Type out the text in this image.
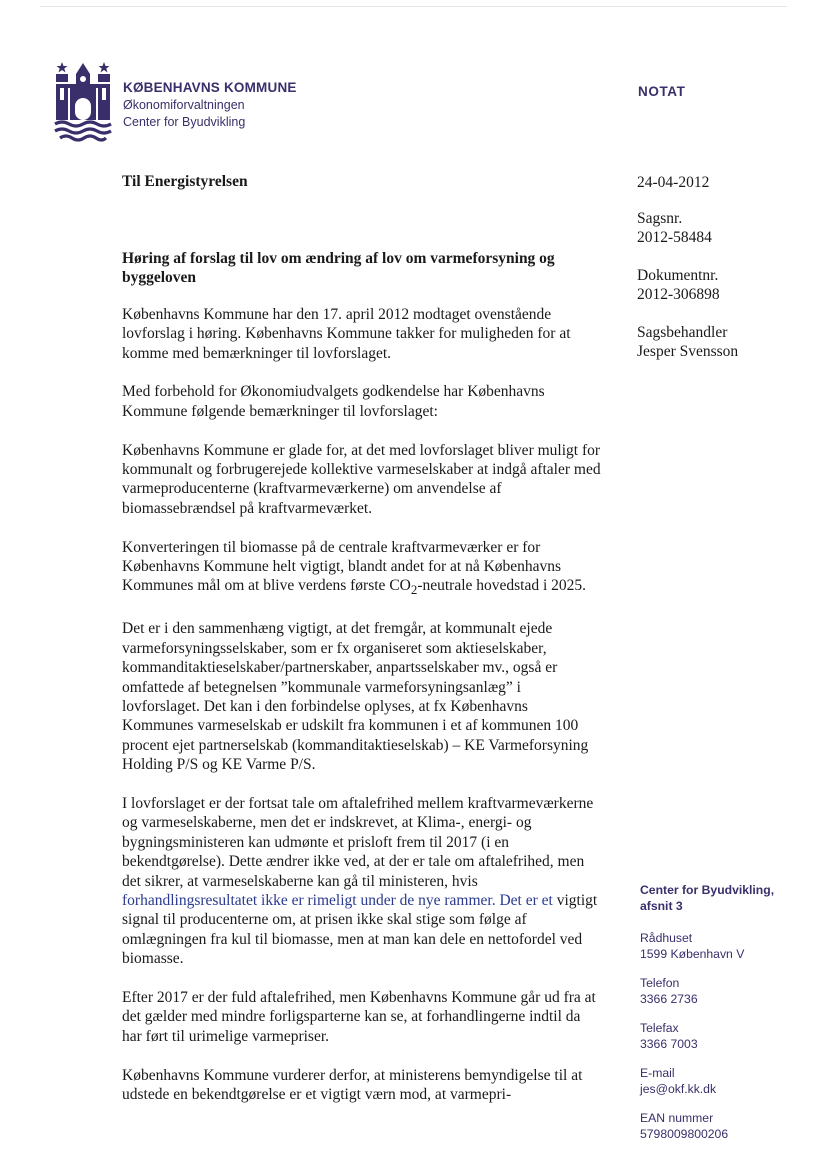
KØBENHAVNS KOMMUNE
Økonomiforvaltningen
Center for Byudvikling
NOTAT
Til Energistyrelsen	24-04-2012

Sagsnr.

2012-58484

Dokumentnr.

2012-306898

Sagsbehandler

Jesper Svensson

Høring af forslag til lov om ændring af lov om varmeforsyning og byggeloven

Københavns Kommune har den 17. april 2012 modtaget ovenstående lovforslag i høring. Københavns Kommune takker for muligheden for at komme med bemærkninger til lovforslaget.

Med forbehold for Økonomiudvalgets godkendelse har Københavns Kommune følgende bemærkninger til lovforslaget:

Københavns Kommune er glade for, at det med lovforslaget bliver muligt for kommunalt og forbrugerejede kollektive varmeselskaber at indgå aftaler med varmeproducenterne (kraftvarmeværkerne) om anvendelse af biomassebrændsel på kraftvarmeværket.

Konverteringen til biomasse på de centrale kraftvarmeværker er for Københavns Kommune helt vigtigt, blandt andet for at nå Københavns Kommunes mål om at blive verdens første $CO_2$-neutrale hovedstad i 2025.

Det er i den sammenhæng vigtigt, at det fremgår, at kommunalt ejede varmeforsyningsselskaber, som er fx organiseret som aktieselskaber, kommanditaktieselskaber/partnerskaber, anpartsselskaber mv., også er omfattede af betegnelsen ”kommunale varmeforsyningsanlæg” i lovforslaget. Det kan i den forbindelse oplyses, at fx Københavns Kommunes varmeselskab er udskilt fra kommunen i et af kommunen 100 procent ejet partnerselskab (kommanditaktieselskab) – KE Varmeforsyning Holding P/S og KE Varme P/S.

I lovforslaget er der fortsat tale om aftalefrihed mellem kraftvarmeværkerne og varmeselskaberne, men det er indskrevet, at Klima-, energi- og bygningsministeren kan udmønte et prisloft frem til 2017 (i en bekendtgørelse). Dette ændrer ikke ved, at der er tale om aftalefrihed, men det sikrer, at varmeselskaberne kan gå til ministeren, hvis forhandlingsresultatet ikke er rimeligt under de nye rammer. Det er et vigtigt signal til producenterne om, at prisen ikke skal stige som følge af omlægningen fra kul til biomasse, men at man kan dele en nettofordel ved biomasse.

Efter 2017 er der fuld aftalefrihed, men Københavns Kommune går ud fra at det gælder med mindre forligsparterne kan se, at forhandlingerne indtil da har ført til urimelige varmepriser.

Københavns Kommune vurderer derfor, at ministerens bemyndigelse til at udstede en bekendtgørelse er et vigtigt værn mod, at varmepri-

Center for Byudvikling,

afsnit 3

Rådhuset

1599 København V

Telefon

3366 2736

Telefax

3366 7003

E-mail

jes@okf.kk.dk

EAN nummer

5798009800206
